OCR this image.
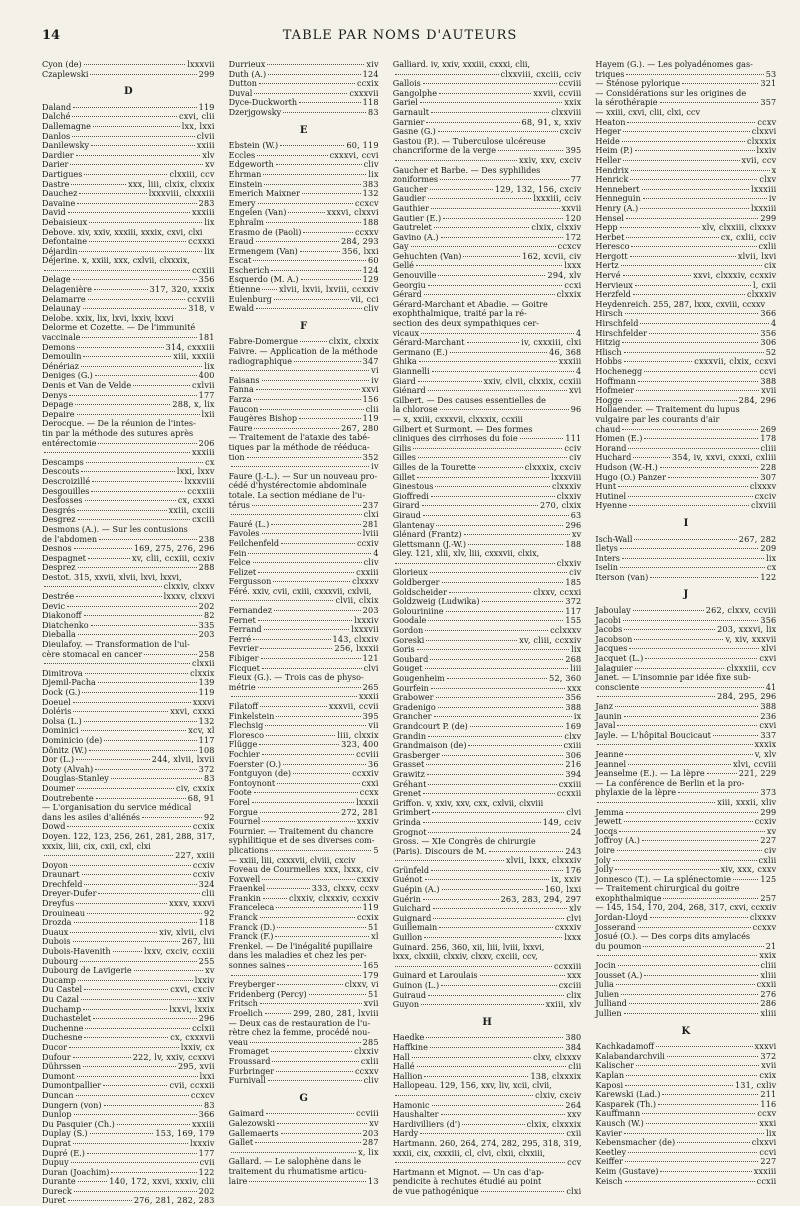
14	TABLE PAR NOMS D'AUTEURS
Cyon (de)	lxxxvii
Czaplewski	299
D
Daland	119
Dalché	cxvi, clii
Dallemagne	lxx, lxxi
Danlos	clvii
Danilewsky	xxiii
Dardier	xlv
Darier	xv
Dartigues	clxxiii, ccv
Dastre	xxx, liii, clxix, clxxix
Dauchez	lxxxviii, clxxxiii
Davaine	283
David	xxxiii
Debaisieux	lix
Debove. xiv, xxiv, xxxiii, xxxix, cxvi, clxi
Defontaine	ccxxxi
Déjardin	lix
Déjerine. x, xxiii, xxx, cxlvii, clxxxix,
ccxiii
Delage	356
Delagenière	317, 320, xxxix
Delamarre	ccxviii
Delaunay	318, v
Delobe. xxix, lix, lxvi, lxxiv, lxxvi
Delorme et Cozette. — De l'immunité
vaccinale	181
Demons	314, cxxxiii
Demoulin	xiii, xxxiii
Dénériaz	lix
Deniges (G.)	400
Denis et Van de Velde	cxlvii
Denys	177
Depage	288, x, lix
Depaire	lxii
Derocque. — De la réunion de l'intes-
tin par la méthode des sutures après
entérectomie	206
xxxiii
Descamps	cx
Descouts	lxxi, lxxv
Descroizillé	lxxxviii
Desgouilles	ccxxiii
Desfosses	cx, cxxxi
Desgrés	xxiii, cxciii
Desgrez	cxciii
Desmons (A.). — Sur les contusions
de l'abdomen	238
Desnos	169, 275, 276, 296
Despagnet	xv, clii, ccxiii, ccxiv
Desprez	288
Destot. 315, xxvii, xlvii, lxvi, lxxvi,
clxxiv, clxxv
Destrée	lxxxv, clxxvi
Devic	202
Diakonoff	82
Diatchenko	335
Dieballa	203
Dieulafoy. — Transformation de l'ul-
cère stomacal en cancer	258
clxxii
Dimitrova	clxxix
Djemil-Pacha	139
Dock (G.)	119
Doeuel	xxxvi
Doléris	xxvi, cxxxi
Dolsa (L.)	132
Dominici	xcv, xl
Dominicio (de)	117
Dönitz (W.)	108
Dor (L.)	244, xlvii, lxvii
Doty (Alvah)	372
Douglas-Stanley	83
Doumer	civ, cxxix
Doutrebente	68, 91
— L'organisation du service médical
dans les asiles d'aliénés	92
Dowd	ccxix
Doyen. 122, 123, 256, 261, 281, 288, 317,
xxxix, liii, cix, cxii, cxl, clxi
227, xxiii
Doyon	ccxiv
Draunart	ccxiv
Drechfeld	324
Dreyer-Dufer	clii
Dreyfus	xxxv, xxxvi
Drouineau	92
Drozda	118
Duaux	xiv, xlvii, clvi
Dubois	267, liii
Dubois-Havenith	lxxv, cxciv, ccxiii
Dubourg	255
Dubourg de Lavigerie	xv
Ducamp	lxxiv
Du Castel	cxvi, cxciv
Du Cazal	xxiv
Duchamp	lxxvi, lxxix
Duchastelet	296
Duchenne	cclxii
Duchesne	cx, cxxxvii
Ducor	lxxiv, cx
Dufour	222, lv, xxiv, ccxxvi
Dührssen	295, xvii
Dumont	lxxi
Dumontpallier	cvii, ccxxii
Duncan	ccxcv
Dungern (von)	83
Dunlop	366
Du Pasquier (Ch.)	xxxiii
Duplay (S.)	153, 169, 179
Duprat	lxxxiv
Dupré (E.)	177
Dupuy	cvii
Duran (Joachim)	122
Durante	140, 172, xxvi, xxxiv, clii
Dureck	202
Duret	276, 281, 282, 283
Durrieux	xiv
Duth (A.)	124
Dutton	ccxix
Duval	cxxxvii
Dyce-Duckworth	118
Dzerjgowsky	83
E
Ebstein (W.)	60, 119
Eccles	cxxxvi, ccvi
Edgeworth	cliv
Ehrman	lix
Einstein	383
Emerich Maixner	132
Emery	ccxcv
Engelen (Van)	xxxvi, clxxvi
Ephraïm	188
Erasmo de (Paoli)	ccxxv
Eraud	284, 293
Ermengem (Van)	356, lxxi
Escat	60
Escherich	124
Esquerdo (M. A.)	129
Étienne xlvii, lxvii, lxviii, ccxxiv
Eulenburg	vii, cci
Ewald	cliv
F
Fabre-Domergue	clxix, clxxix
Faivre. — Application de la méthode
radiographique	347
vi
Faisans	iv
Fanna	xxvi
Farza	156
Faucon	clii
Faugères Bishop	119
Faure	267, 280
— Traitement de l'ataxie des tabé-
tiques par la méthode de rééduca-
tion	352
iv
Faure (J.-L.). — Sur un nouveau pro-
cédé d'hystérectomie abdominale
totale. La section médiane de l'u-
térus	237
clxi
Fauré (L.)	281
Favoles	lviii
Feilchenfeld	ccxiv
Fein	4
Felce	cliv
Felizet	cxxiii
Fergusson	clxxxv
Féré. xxiv, cvii, cxiii, cxxxvii, cxlvii,
clvii, clxix
Fernandez	203
Fernet	lxxxiv
Ferrand	lxxxvii
Ferré	143, clxxiv
Fevrier	256, lxxxii
Fibiger	121
Ficquet	clvi
Fieux (G.). — Trois cas de physo-
métrie	265
xxxii
Filatoff	xxxvii, ccvii
Finkelstein	395
Flechsig	vii
Floresco	liii, clxxix
Flügge	323, 400
Fochier	ccviii
Foerster (O.)	36
Fontguyon (de)	ccxxiv
Fontoynont	cxxi
Foote	ccxx
Forel	lxxxii
Forgue	272, 281
Fournel	xxxiv
Fournier. — Traitement du chancre
syphilitique et de ses diverses com-
plications	5
— xxiii, liii, cxxxvii, clviii, cxciv
Foveau de Courmelles xxx, lxxx, civ
Foxwell	cxxiv
Fraenkel	333, clxxv, ccxv
Frankin	clxxiv, clxxxiv, ccxxiv
Franceleca	119
Franck	ccxix
Franck (D.)	51
Franck (F.)	xl
Frenkel. — De l'inégalité pupillaire
dans les maladies et chez les per-
sonnes saines	165
179
Freyberger	clxxv, vi
Fridenberg (Percy)	51
Fritsch	xvii
Froelich	299, 280, 281, lxviii
— Deux cas de restauration de l'u-
rètre chez la femme, procédé nou-
veau	285
Fromaget	clxxiv
Froussard	cxlii
Furbringer	ccxxv
Furnivall	cliv
G
Gaimard	ccviii
Galezowski	xv
Gallemaerts	203
Gallet	287
x, lix
Gallard. — Le salophène dans le
traitement du rhumatisme articu-
laire	13
Galliard. iv, xxiv, xxxiii, cxxxi, clii,
clxxviii, cxciii, cciv
Gallois	ccviii
Gangolphe	xxvii, ccviii
Gariel	xxix
Garnault	clxxviii
Garnier	68, 91, x, xxiv
Gasne (G.)	cxciv
Gastou (P.). — Tuberculose ulcéreuse
chancriforme de la verge	395
xxiv, xxv, cxciv
Gaucher et Barbe. — Des syphilides
zoniformes	77
Gaucher	129, 132, 156, cxciv
Gaudier	lxxxiii, cciv
Gauthier	xxvii
Gautier (E.)	120
Gautrelet	clxix, clxxiv
Gavino (A.)	172
Gay	ccxcv
Gehuchten (Van)	162, xcvii, civ
Gellé	lxxx
Genouville	294, xlv
Georgiu	ccxi
Gérard	clxxix
Gérard-Marchant et Abadie. — Goitre
exophthalmique, traité par la ré-
section des deux sympathiques cer-
vicaux	4
Gérard-Marchant	iv, cxxxiii, clxi
Germano (E.)	46, 368
Ghika	xxxiii
Giannelli	4
Giard	xxiv, clvii, clxxix, ccxiii
Giénard	xvi
Gilbert. — Des causes essentielles de
la chlorose	96
— x, xxiii, cxxxvii, clxxxix, ccxiii
Gilbert et Surmont. — Des formes
cliniques des cirrhoses du foie	111
Gilis	cciv
Gilles	civ
Gilles de la Tourette	clxxxix, cxciv
Gillet	lxxxviii
Ginestous	clxxxiv
Gioffredi	clxxiv
Girard	270, clxix
Giraud	63
Glantenay	296
Glénard (Frantz)	xv
Glettsmann (J.-W.)	188
Gley. 121, xlii, xlv, liii, cxxxvii, clxix,
clxxiv
Glorieux	civ
Goldberger	185
Goldscheider	clxxv, ccxxi
Goldzweig (Ludwika)	372
Golouriniine	117
Goodale	155
Gordon	cclxxxv
Goreski	xv, cliii, ccxxiv
Goris	lix
Goubard	268
Gouget	liii
Gougenheim	52, 360
Gourfein	xxx
Grabower	356
Gradenigo	388
Grancher	ix
Grandcourt P. (de)	169
Grandin	clxv
Grandmaison (de)	cxiii
Grasberger	306
Grasset	216
Grawitz	394
Gréhant	cxxiii
Grenet	ccxxii
Griffon. v, xxiv, xxv, cxx, cxlvii, clxviii
Grimbert	clvi
Grinda	149, cciv
Grognot	24
Gross. — XIe Congrès de chirurgie
(Paris). Discours de M.	243
xlvii, lxxx, clxxxiv
Grünfeld	176
Guénot	ix, xxiv
Guépin (A.)	160, lxxi
Guérin	263, 283, 294, 297
Guichard	xlv
Guignard	clvi
Guillemain	cxxxiv
Guillon	lxxx
Guinard. 256, 360, xii, liii, lviii, lxxvi,
lxxx, clxxiii, clxxiv, clxxv, cxciii, ccv,
ccxxiii
Guinard et Laroulais	xxx
Guinon (L.)	cxciii
Guiraud	clix
Guyon	xxiii, xlv
H
Haedke	380
Haffkine	384
Hall	clxv, clxxxv
Hallé	clii
Hallion	138, clxxxix
Hallopeau. 129, 156, xxv, liv, xcii, clvii,
clxiv, cxciv
Hamonic	264
Haushalter	xxv
Hardivilliers (d')	clxix, clxxxix
Hardy	cxii
Hartmann. 260, 264, 274, 282, 295, 318, 319,
xxxii, cix, cxxxiii, cl, clvi, clxii, clxxiii,
ccv
Hartmann et Mignot. — Un cas d'ap-
pendicite à rechutes étudié au point
de vue pathogénique	clxi
Hayem (G.). — Les polyadénomes gas-
triques	53
— Sténose pylorique	321
— Considérations sur les origines de
la sérothérapie	357
— xxiii, cxvi, clii, clxi, ccv
Heaton	ccxv
Heger	clxxvi
Heide	clxxxix
Heim (P.)	lxxiv
Heller	xvii, ccv
Hendrix	x
Henrick	clxv
Hennebert	lxxxiii
Henneguin	iv
Henry (A.)	lxxxiii
Hensel	299
Hepp	xlv, clxxiii, clxxxv
Herbet	cx, cxlii, cciv
Heresco	cxlii
Hergott	xlvii, lxvi
Hertz	cix
Hervé	xxvi, clxxxiv, ccxxiv
Hervieux	l, cxii
Herzfeld	clxxxiv
Heydenreich. 255, 287, lxxx, cxviii, ccxxv
Hirsch	366
Hirschfeld	4
Hirschfelder	356
Hitzig	306
Hlisch	52
Hobbs	cxxxvii, clxix, ccxvi
Hochenegg	ccvi
Hoffmann	388
Hofmeier	xvii
Hogge	284, 296
Hollaender. — Traitement du lupus
vulgaire par les courants d'air
chaud	269
Homen (E.)	178
Horand	cliii
Huchard	354, iv, xxvi, cxxxi, cxliii
Hudson (W.-H.)	228
Hugo (O.) Panzer	307
Hunt	clxxxv
Hutinel	cxciv
Hyenne	clxviii
I
Isch-Wall	267, 282
Iletys	209
Inters	lix
Iselin	cx
Iterson (van)	122
J
Jaboulay	262, clxxv, ccviii
Jacobi	356
Jacobs	203, xxxvi, lix
Jacobson	v, xiv, xxxvii
Jacques	xlvi
Jacquet (L.)	cxvi
Jalaguier	clxxxiii, ccv
Janet. — L'insomnie par idée fixe sub-
consciente	41
284, 295, 296
Janz	388
Jaunin	236
Javal	cxvi
Jayle. — L'hôpital Boucicaut	337
xxxix
Jeanne	v, xlv
Jeannel	xlvi, ccviii
Jeanselme (E.). — La lèpre	221, 229
— La conférence de Berlin et la pro-
phylaxie de la lèpre	373
xiii, xxxii, xliv
Jemma	299
Jewett	ccxiv
Jocqs	xv
Joffroy (A.)	227
Joire	civ
Joly	cxlii
Jolly	xiv, xxx, cxxv
Jonnesco (T.). — La splénectomie	125
— Traitement chirurgical du goitre
exophthalmique	257
— 145, 154, 170, 204, 268, 317, cxvi, ccxxiv
Jordan-Lloyd	clxxxv
Josserand	ccxxv
Josué (O.). — Des corps dits amylacés
du poumon	21
xxix
Jocin	cliii
Jousset (A.)	xliii
Julia	cxxii
Julien	276
Julliand	286
Jullien	xliii
K
Kachkadamoff	xxxvi
Kalabandarchvili	372
Kalischer	xvii
Kaplan	cxix
Kaposi	131, cxliv
Karewski (Lad.)	211
Kasparek (Th.)	116
Kauffmann	ccxv
Kausch (W.)	xxxi
Kavier	lix
Kebensmacher (de)	clxxvi
Keetley	ccvi
Keiffer	227
Keim (Gustave)	xxxiii
Keisch	ccxii
